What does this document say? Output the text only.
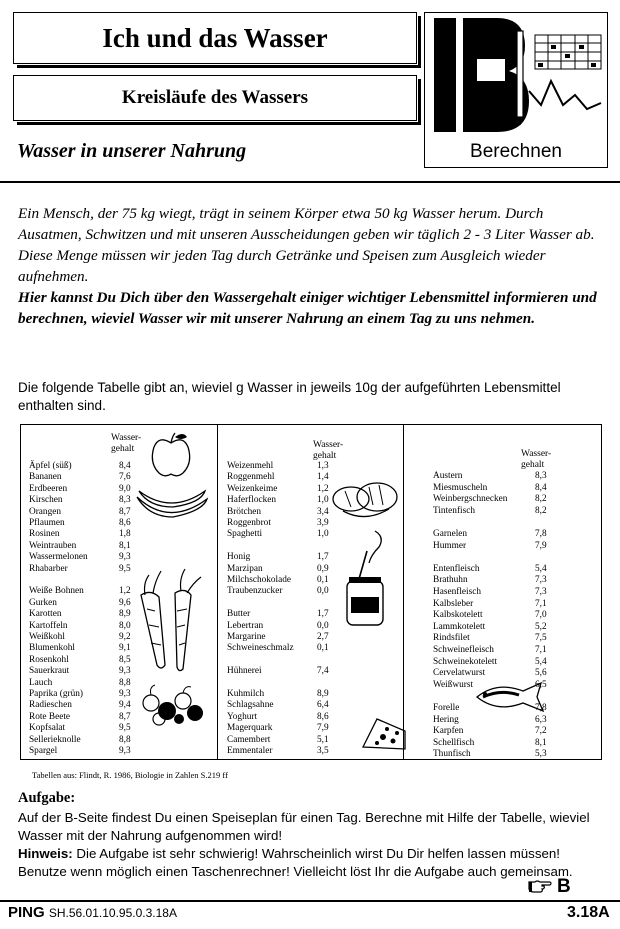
Ich und das Wasser
Kreisläufe des Wassers
Wasser in unserer Nahrung	Berechnen
Ein Mensch, der 75 kg wiegt, trägt in seinem Körper etwa 50 kg Wasser herum. Durch Ausatmen, Schwitzen und mit unseren Ausscheidungen geben wir täglich 2 - 3 Liter Wasser ab. Diese Menge müssen wir jeden Tag durch Getränke und Speisen zum Ausgleich wieder aufnehmen.
Hier kannst Du Dich über den Wassergehalt einiger wichtiger Lebensmittel informieren und berechnen, wieviel Wasser wir mit unserer Nahrung an einem Tag zu uns nehmen.
Die folgende Tabelle gibt an, wieviel g Wasser in jeweils 10g der aufgeführten Lebensmittel enthalten sind.
Wasser-
gehalt	Wasser-
gehalt	Wasser-
gehalt
Äpfel (süß)	8,4
Bananen	7,6
Erdbeeren	9,0
Kirschen	8,3
Orangen	8,7
Pflaumen	8,6
Rosinen	1,8
Weintrauben	8,1
Wassermelonen	9,3
Rhabarber	9,5
Weiße Bohnen	1,2
Gurken	9,6
Karotten	8,9
Kartoffeln	8,0
Weißkohl	9,2
Blumenkohl	9,1
Rosenkohl	8,5
Sauerkraut	9,3
Lauch	8,8
Paprika (grün)	9,3
Radieschen	9,4
Rote Beete	8,7
Kopfsalat	9,5
Sellerieknolle	8,8
Spargel	9,3
Weizenmehl	1,3
Roggenmehl	1,4
Weizenkeime	1,2
Haferflocken	1,0
Brötchen	3,4
Roggenbrot	3,9
Spaghetti	1,0
Honig	1,7
Marzipan	0,9
Milchschokolade	0,1
Traubenzucker	0,0
Butter	1,7
Lebertran	0,0
Margarine	2,7
Schweineschmalz	0,1
Hühnerei	7,4
Kuhmilch	8,9
Schlagsahne	6,4
Yoghurt	8,6
Magerquark	7,9
Camembert	5,1
Emmentaler	3,5
Austern	8,3
Miesmuscheln	8,4
Weinbergschnecken	8,2
Tintenfisch	8,2
Garnelen	7,8
Hummer	7,9
Entenfleisch	5,4
Brathuhn	7,3
Hasenfleisch	7,3
Kalbsleber	7,1
Kalbskotelett	7,0
Lammkotelett	5,2
Rindsfilet	7,5
Schweinefleisch	7,1
Schweinekotelett	5,4
Cervelatwurst	5,6
Weißwurst	6,5
Forelle	7,8
Hering	6,3
Karpfen	7,2
Schellfisch	8,1
Thunfisch	5,3
Tabellen aus: Flindt, R. 1986, Biologie in Zahlen S.219 ff
Aufgabe:
Auf der B-Seite findest Du einen Speiseplan für einen Tag. Berechne mit Hilfe der Tabelle, wieviel Wasser mit der Nahrung aufgenommen wird!
Hinweis: Die Aufgabe ist sehr schwierig! Wahrscheinlich wirst Du Dir helfen lassen müssen! Benutze wenn möglich einen Taschenrechner! Vielleicht löst Ihr die Aufgabe auch gemeinsam.
B
PING SH.56.01.10.95.0.3.18A	3.18A
